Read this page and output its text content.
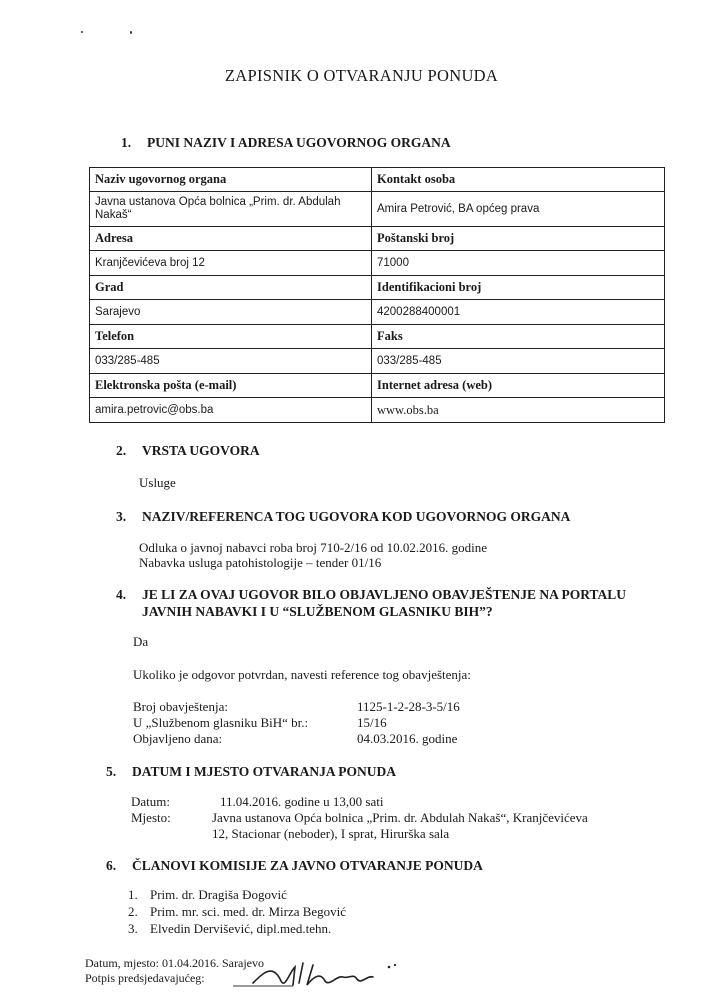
ZAPISNIK O OTVARANJU PONUDA
1. PUNI NAZIV I ADRESA UGOVORNOG ORGANA
Naziv ugovornog organa	Kontakt osoba
Javna ustanova Opća bolnica „Prim. dr. Abdulah
Nakaš“	Amira Petrović, BA općeg prava
Adresa	Poštanski broj
Kranjčevićeva broj 12	71000
Grad	Identifikacioni broj
Sarajevo	4200288400001
Telefon	Faks
033/285-485	033/285-485
Elektronska pošta (e-mail)	Internet adresa (web)
amira.petrovic@obs.ba	www.obs.ba
2. VRSTA UGOVORA
Usluge
3. NAZIV/REFERENCA TOG UGOVORA KOD UGOVORNOG ORGANA
Odluka o javnoj nabavci roba broj 710-2/16 od 10.02.2016. godine
Nabavka usluga patohistologije – tender 01/16
4. JE LI ZA OVAJ UGOVOR BILO OBJAVLJENO OBAVJEŠTENJE NA PORTALU
JAVNIH NABAVKI I U “SLUŽBENOM GLASNIKU BIH”?
Da
Ukoliko je odgovor potvrdan, navesti reference tog obavještenja:
Broj obavještenja:	1125-1-2-28-3-5/16
U „Službenom glasniku BiH“ br.:	15/16
Objavljeno dana:	04.03.2016. godine
5. DATUM I MJESTO OTVARANJA PONUDA
Datum:	11.04.2016. godine u 13,00 sati
Mjesto:	Javna ustanova Opća bolnica „Prim. dr. Abdulah Nakaš“, Kranjčevićeva
12, Stacionar (neboder), I sprat, Hirurška sala
6. ČLANOVI KOMISIJE ZA JAVNO OTVARANJE PONUDA
1. Prim. dr. Dragiša Đogović
2. Prim. mr. sci. med. dr. Mirza Begović
3. Elvedin Dervišević, dipl.med.tehn.
Datum, mjesto: 01.04.2016. Sarajevo
Potpis predsjedavajućeg:
